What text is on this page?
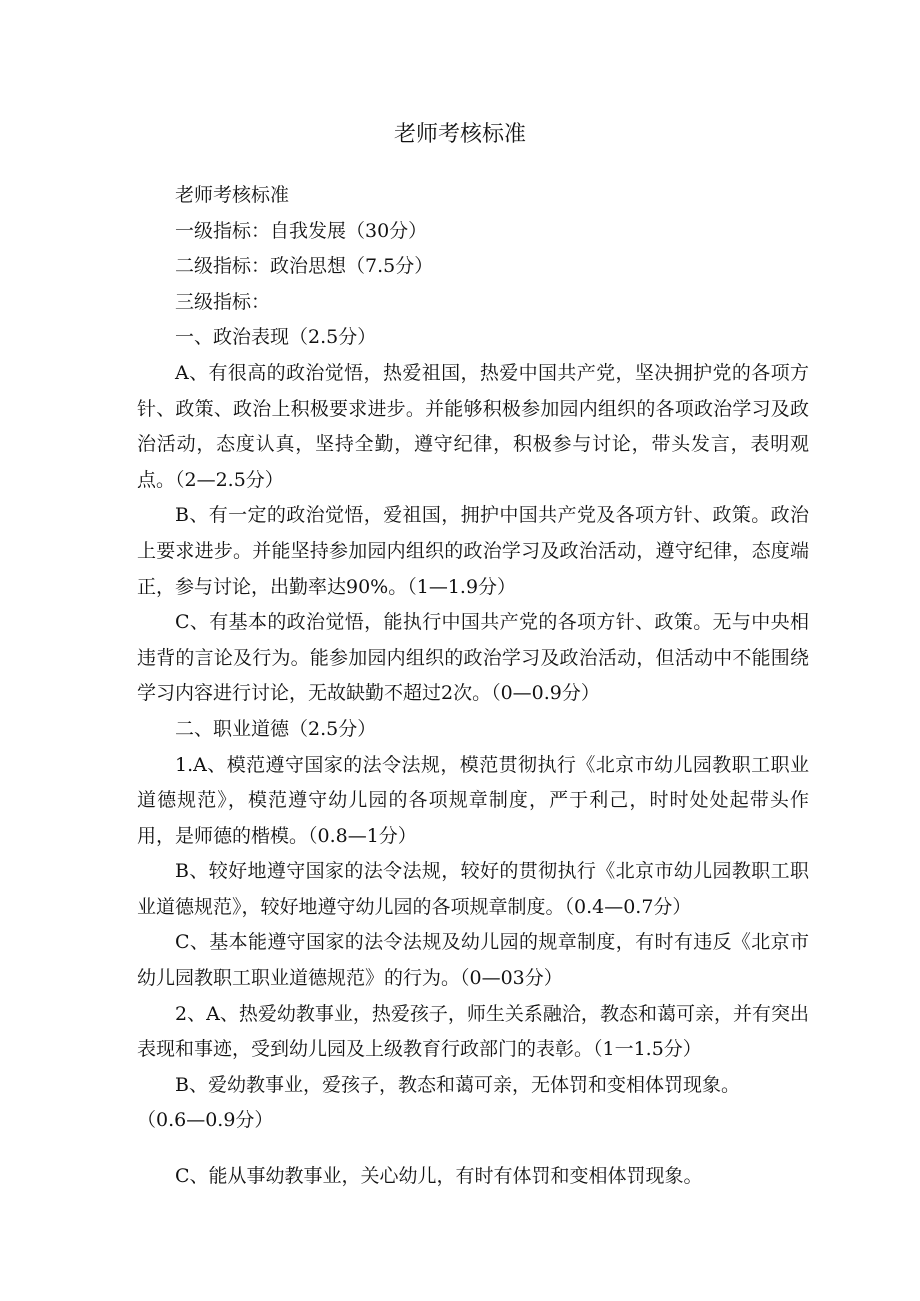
老师考核标准

老师考核标准

一级指标：自我发展（30分）

二级指标：政治思想（7.5分）

三级指标：

一、政治表现（2.5分）

A、有很高的政治觉悟，热爱祖国，热爱中国共产党，坚决拥护党的各项方针、政策、政治上积极要求进步。并能够积极参加园内组织的各项政治学习及政治活动，态度认真，坚持全勤，遵守纪律，积极参与讨论，带头发言，表明观点。（2—2.5分）

B、有一定的政治觉悟，爱祖国，拥护中国共产党及各项方针、政策。政治上要求进步。并能坚持参加园内组织的政治学习及政治活动，遵守纪律，态度端正，参与讨论，出勤率达90%。（1—1.9分）

C、有基本的政治觉悟，能执行中国共产党的各项方针、政策。无与中央相违背的言论及行为。能参加园内组织的政治学习及政治活动，但活动中不能围绕学习内容进行讨论，无故缺勤不超过2次。（0—0.9分）

二、职业道德（2.5分）

1.A、模范遵守国家的法令法规，模范贯彻执行《北京市幼儿园教职工职业道德规范》，模范遵守幼儿园的各项规章制度，严于利己，时时处处起带头作用，是师德的楷模。（0.8—1分）

B、较好地遵守国家的法令法规，较好的贯彻执行《北京市幼儿园教职工职业道德规范》，较好地遵守幼儿园的各项规章制度。（0.4—0.7分）

C、基本能遵守国家的法令法规及幼儿园的规章制度，有时有违反《北京市幼儿园教职工职业道德规范》的行为。（0—03分）

2、A、热爱幼教事业，热爱孩子，师生关系融洽，教态和蔼可亲，并有突出表现和事迹，受到幼儿园及上级教育行政部门的表彰。（1一1.5分）

B、爱幼教事业，爱孩子，教态和蔼可亲，无体罚和变相体罚现象。

（0.6—0.9分）

C、能从事幼教事业，关心幼儿，有时有体罚和变相体罚现象。
